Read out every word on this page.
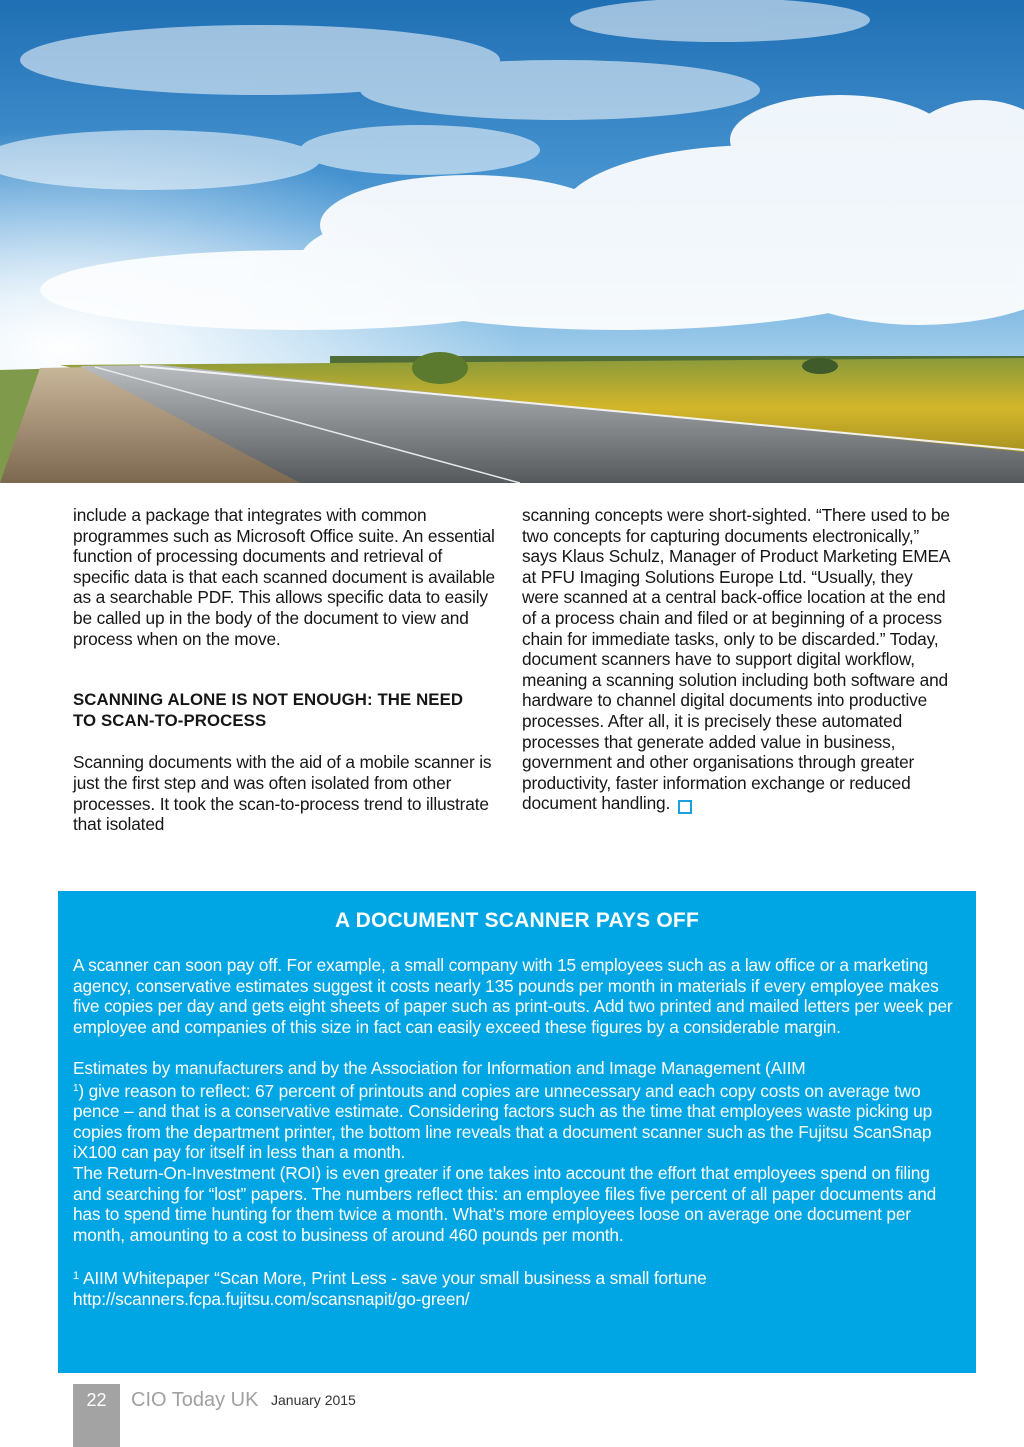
include a package that integrates with common programmes such as Microsoft Office suite. An essential function of processing documents and retrieval of specific data is that each scanned document is available as a searchable PDF. This allows specific data to easily be called up in the body of the document to view and process when on the move.

SCANNING ALONE IS NOT ENOUGH: THE NEED
TO SCAN-TO-PROCESS

Scanning documents with the aid of a mobile scanner is just the first step and was often isolated from other processes. It took the scan-to-process trend to illustrate that isolated

scanning concepts were short-sighted. “There used to be two concepts for capturing documents electronically,” says Klaus Schulz, Manager of Product Marketing EMEA at PFU Imaging Solutions Europe Ltd. “Usually, they were scanned at a central back-office location at the end of a process chain and filed or at beginning of a process chain for immediate tasks, only to be discarded.” Today, document scanners have to support digital workflow, meaning a scanning solution including both software and hardware to channel digital documents into productive processes. After all, it is precisely these automated processes that generate added value in business, government and other organisations through greater productivity, faster information exchange or reduced document handling.

A DOCUMENT SCANNER PAYS OFF

A scanner can soon pay off. For example, a small company with 15 employees such as a law office or a marketing agency, conservative estimates suggest it costs nearly 135 pounds per month in materials if every employee makes five copies per day and gets eight sheets of paper such as print-outs. Add two printed and mailed letters per week per employee and companies of this size in fact can easily exceed these figures by a considerable margin.

Estimates by manufacturers and by the Association for Information and Image Management (AIIM
$^1$) give reason to reflect: 67 percent of printouts and copies are unnecessary and each copy costs on average two pence – and that is a conservative estimate. Considering factors such as the time that employees waste picking up copies from the department printer, the bottom line reveals that a document scanner such as the Fujitsu ScanSnap iX100 can pay for itself in less than a month.

The Return-On-Investment (ROI) is even greater if one takes into account the effort that employees spend on filing and searching for “lost” papers. The numbers reflect this: an employee files five percent of all paper documents and has to spend time hunting for them twice a month. What’s more employees loose on average one document per month, amounting to a cost to business of around 460 pounds per month.

$^1$ AIIM Whitepaper “Scan More, Print Less - save your small business a small fortune
http://scanners.fcpa.fujitsu.com/scansnapit/go-green/

22	CIO Today UK January 2015
